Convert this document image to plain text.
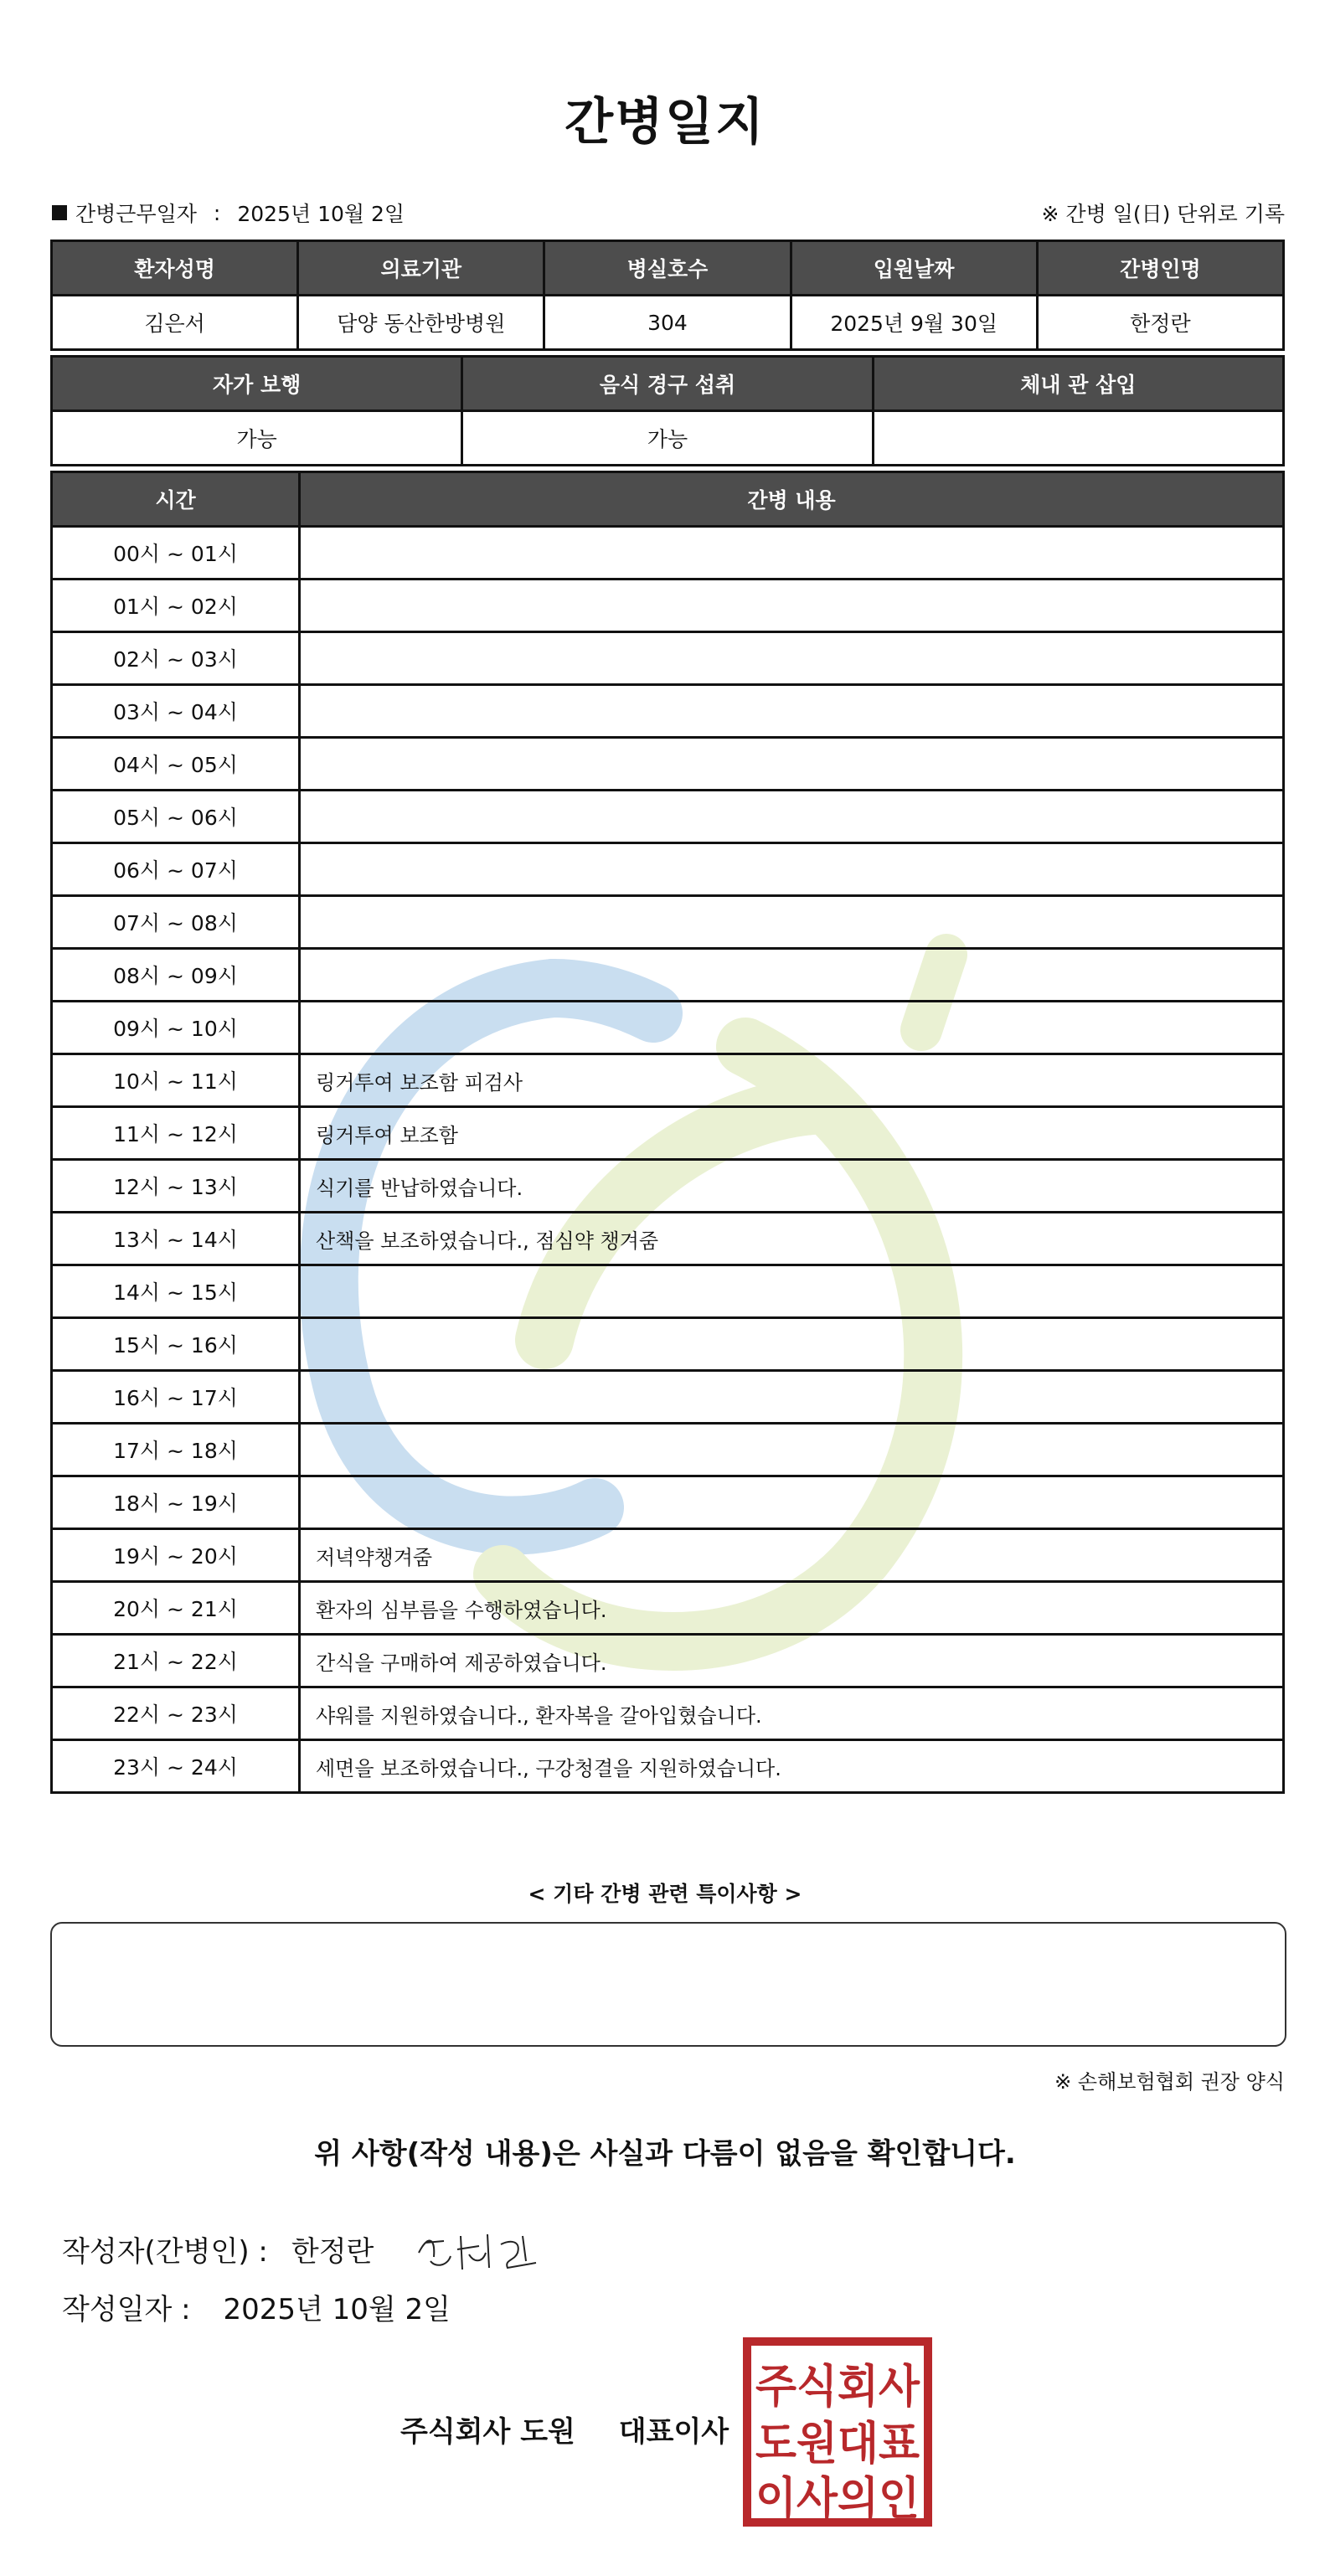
간병일지
간병근무일자 : 2025년 10월 2일	※ 간병 일(日) 단위로 기록
환자성명	의료기관	병실호수	입원날짜	간병인명
김은서	담양 동산한방병원	304	2025년 9월 30일	한정란
자가 보행	음식 경구 섭취	체내 관 삽입
가능	가능	
시간	간병 내용
00시 ~ 01시	
01시 ~ 02시	
02시 ~ 03시	
03시 ~ 04시	
04시 ~ 05시	
05시 ~ 06시	
06시 ~ 07시	
07시 ~ 08시	
08시 ~ 09시	
09시 ~ 10시	
10시 ~ 11시	링거투여 보조함 피검사
11시 ~ 12시	링거투여 보조함
12시 ~ 13시	식기를 반납하였습니다.
13시 ~ 14시	산책을 보조하였습니다., 점심약 챙겨줌
14시 ~ 15시	
15시 ~ 16시	
16시 ~ 17시	
17시 ~ 18시	
18시 ~ 19시	
19시 ~ 20시	저녁약챙겨줌
20시 ~ 21시	환자의 심부름을 수행하였습니다.
21시 ~ 22시	간식을 구매하여 제공하였습니다.
22시 ~ 23시	샤워를 지원하였습니다., 환자복을 갈아입혔습니다.
23시 ~ 24시	세면을 보조하였습니다., 구강청결을 지원하였습니다.
< 기타 간병 관련 특이사항 >
※ 손해보험협회 권장 양식
위 사항(작성 내용)은 사실과 다름이 없음을 확인합니다.
작성자(간병인) : 한정란
작성일자 : 2025년 10월 2일
주식회사 도원 대표이사
주식회사
도원대표
이사의인
